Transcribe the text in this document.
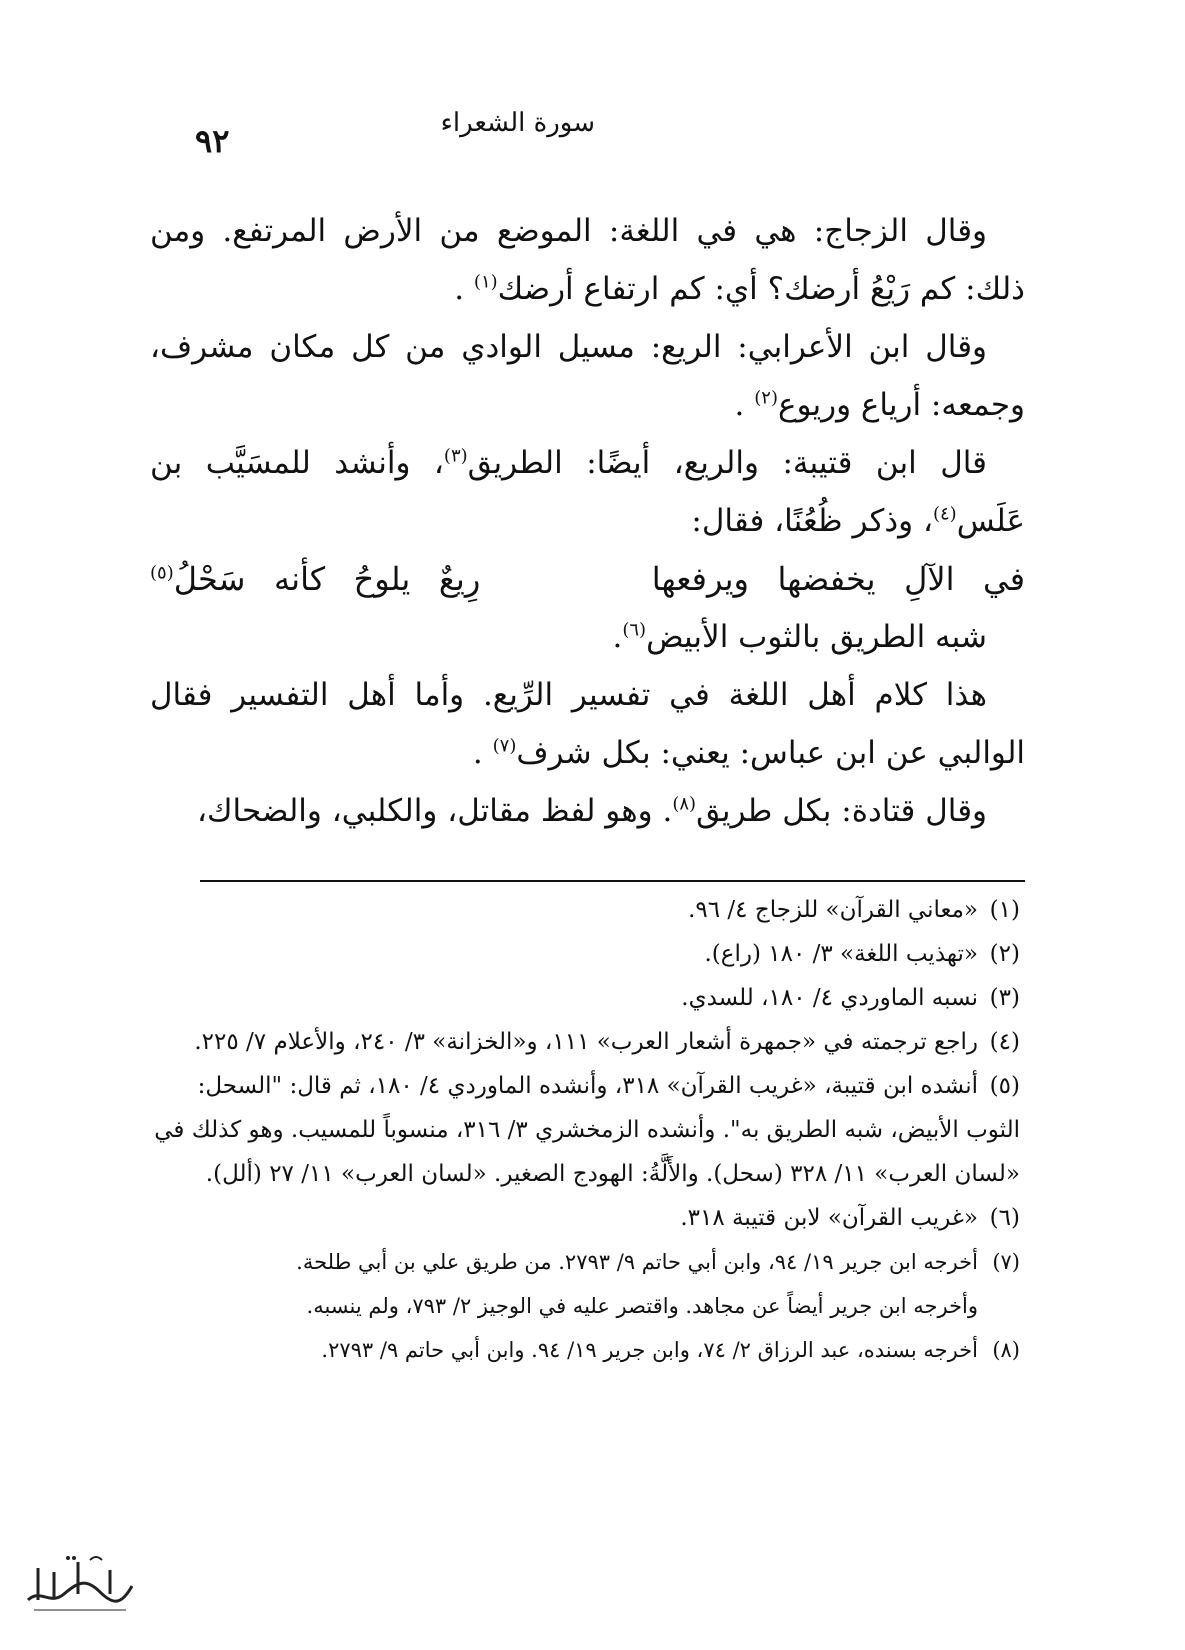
سورة الشعراء
٩٢

وقال الزجاج: هي في اللغة: الموضع من الأرض المرتفع. ومن ذلك: كم رَيْعُ أرضك؟ أي: كم ارتفاع أرضك$^{(١)}$ .

وقال ابن الأعرابي: الريع: مسيل الوادي من كل مكان مشرف، وجمعه: أرياع وريوع$^{(٢)}$ .

قال ابن قتيبة: والريع، أيضًا: الطريق$^{(٣)}$، وأنشد للمسَيَّب بن عَلَس$^{(٤)}$، وذكر ظُعُنًا، فقال:

في الآلِ يخفضها ويرفعها      رِيعٌ يلوحُ كأنه سَحْلُ$^{(٥)}$

شبه الطريق بالثوب الأبيض$^{(٦)}$.

هذا كلام أهل اللغة في تفسير الرِّيع. وأما أهل التفسير فقال الوالبي عن ابن عباس: يعني: بكل شرف$^{(٧)}$ .

وقال قتادة: بكل طريق$^{(٨)}$. وهو لفظ مقاتل، والكلبي، والضحاك،

(١)«معاني القرآن» للزجاج ٤/ ٩٦.

(٢)«تهذيب اللغة» ٣/ ١٨٠ (راع).

(٣)نسبه الماوردي ٤/ ١٨٠، للسدي.

(٤)راجع ترجمته في «جمهرة أشعار العرب» ١١١، و«الخزانة» ٣/ ٢٤٠، والأعلام ٧/ ٢٢٥.

(٥)أنشده ابن قتيبة، «غريب القرآن» ٣١٨، وأنشده الماوردي ٤/ ١٨٠، ثم قال: "السحل: الثوب الأبيض، شبه الطريق به". وأنشده الزمخشري ٣/ ٣١٦، منسوباً للمسيب. وهو كذلك في «لسان العرب» ١١/ ٣٢٨ (سحل). والأَلَّةُ: الهودج الصغير. «لسان العرب» ١١/ ٢٧ (ألل).

(٦)«غريب القرآن» لابن قتيبة ٣١٨.

(٧)أخرجه ابن جرير ١٩/ ٩٤، وابن أبي حاتم ٩/ ٢٧٩٣. من طريق علي بن أبي طلحة.

وأخرجه ابن جرير أيضاً عن مجاهد. واقتصر عليه في الوجيز ٢/ ٧٩٣، ولم ينسبه.

(٨)أخرجه بسنده، عبد الرزاق ٢/ ٧٤، وابن جرير ١٩/ ٩٤. وابن أبي حاتم ٩/ ٢٧٩٣.
